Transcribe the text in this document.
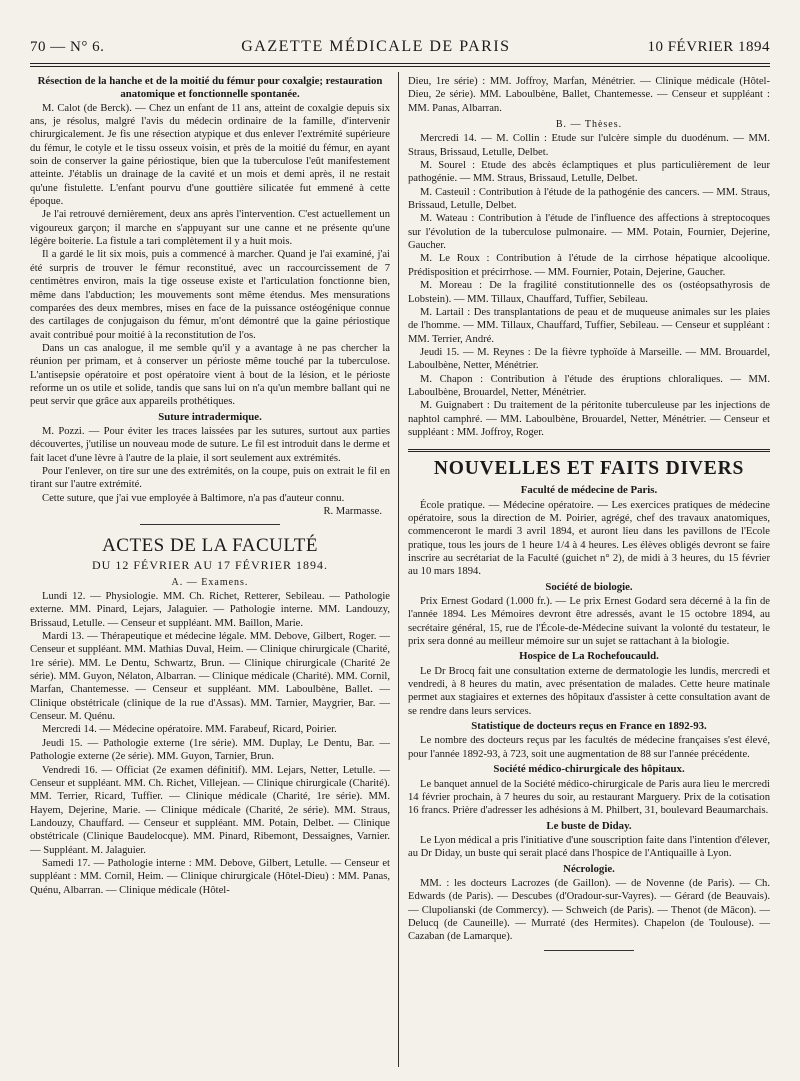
70 — N° 6.	GAZETTE MÉDICALE DE PARIS	10 FÉVRIER 1894

Résection de la hanche et de la moitié du fémur pour coxalgie; restauration anatomique et fonctionnelle spontanée.

M. Calot (de Berck). — Chez un enfant de 11 ans, atteint de coxalgie depuis six ans, je résolus, malgré l'avis du médecin ordinaire de la famille, d'intervenir chirurgicalement. Je fis une résection atypique et dus enlever l'extrémité supérieure du fémur, le cotyle et le tissu osseux voisin, et près de la moitié du fémur, en ayant soin de conserver la gaine périostique, bien que la tuberculose l'eût manifestement atteinte. J'établis un drainage de la cavité et un mois et demi après, il ne restait qu'une fistulette. L'enfant pourvu d'une gouttière silicatée fut emmené à cette époque.

Je l'ai retrouvé dernièrement, deux ans après l'intervention. C'est actuellement un vigoureux garçon; il marche en s'appuyant sur une canne et ne présente qu'une légère boiterie. La fistule a tari complètement il y a huit mois.

Il a gardé le lit six mois, puis a commencé à marcher. Quand je l'ai examiné, j'ai été surpris de trouver le fémur reconstitué, avec un raccourcissement de 7 centimètres environ, mais la tige osseuse existe et l'articulation fonctionne bien, même dans l'abduction; les mouvements sont même étendus. Mes mensurations comparées des deux membres, mises en face de la puissance ostéogénique connue des cartilages de conjugaison du fémur, m'ont démontré que la gaine périostique avait contribué pour moitié à la reconstitution de l'os.

Dans un cas analogue, il me semble qu'il y a avantage à ne pas chercher la réunion per primam, et à conserver un périoste même touché par la tuberculose. L'antisepsie opératoire et post opératoire vient à bout de la lésion, et le périoste reforme un os utile et solide, tandis que sans lui on n'a qu'un membre ballant qui ne peut servir que grâce aux appareils prothétiques.

Suture intradermique.

M. Pozzi. — Pour éviter les traces laissées par les sutures, surtout aux parties découvertes, j'utilise un nouveau mode de suture. Le fil est introduit dans le derme et fait lacet d'une lèvre à l'autre de la plaie, il sort seulement aux extrémités.

Pour l'enlever, on tire sur une des extrémités, on la coupe, puis on extrait le fil en tirant sur l'autre extrémité.

Cette suture, que j'ai vue employée à Baltimore, n'a pas d'auteur connu.

R. Marmasse.
ACTES DE LA FACULTÉ
DU 12 FÉVRIER AU 17 FÉVRIER 1894.
A. — Examens.

Lundi 12. — Physiologie. MM. Ch. Richet, Retterer, Sebileau. — Pathologie externe. MM. Pinard, Lejars, Jalaguier. — Pathologie interne. MM. Landouzy, Brissaud, Letulle. — Censeur et suppléant. MM. Baillon, Marie.

Mardi 13. — Thérapeutique et médecine légale. MM. Debove, Gilbert, Roger. — Censeur et suppléant. MM. Mathias Duval, Heim. — Clinique chirurgicale (Charité, 1re série). MM. Le Dentu, Schwartz, Brun. — Clinique chirurgicale (Charité 2e série). MM. Guyon, Nélaton, Albarran. — Clinique médicale (Charité). MM. Cornil, Marfan, Chantemesse. — Censeur et suppléant. MM. Laboulbène, Ballet. — Clinique obstétricale (clinique de la rue d'Assas). MM. Tarnier, Maygrier, Bar. — Censeur. M. Quénu.

Mercredi 14. — Médecine opératoire. MM. Farabeuf, Ricard, Poirier.

Jeudi 15. — Pathologie externe (1re série). MM. Duplay, Le Dentu, Bar. — Pathologie externe (2e série). MM. Guyon, Tarnier, Brun.

Vendredi 16. — Officiat (2e examen définitif). MM. Lejars, Netter, Letulle. — Censeur et suppléant. MM. Ch. Richet, Villejean. — Clinique chirurgicale (Charité). MM. Terrier, Ricard, Tuffier. — Clinique médicale (Charité, 1re série). MM. Hayem, Dejerine, Marie. — Clinique médicale (Charité, 2e série). MM. Straus, Landouzy, Chauffard. — Censeur et suppléant. MM. Potain, Delbet. — Clinique obstétricale (Clinique Baudelocque). MM. Pinard, Ribemont, Dessaignes, Varnier. — Suppléant. M. Jalaguier.

Samedi 17. — Pathologie interne : MM. Debove, Gilbert, Letulle. — Censeur et suppléant : MM. Cornil, Heim. — Clinique chirurgicale (Hôtel-Dieu) : MM. Panas, Quénu, Albarran. — Clinique médicale (Hôtel-

Dieu, 1re série) : MM. Joffroy, Marfan, Ménétrier. — Clinique médicale (Hôtel-Dieu, 2e série). MM. Laboulbène, Ballet, Chantemesse. — Censeur et suppléant : MM. Panas, Albarran.

B. — Thèses.

Mercredi 14. — M. Collin : Etude sur l'ulcère simple du duodénum. — MM. Straus, Brissaud, Letulle, Delbet.

M. Sourel : Etude des abcès éclamptiques et plus particulièrement de leur pathogénie. — MM. Straus, Brissaud, Letulle, Delbet.

M. Casteuil : Contribution à l'étude de la pathogénie des cancers. — MM. Straus, Brissaud, Letulle, Delbet.

M. Wateau : Contribution à l'étude de l'influence des affections à streptocoques sur l'évolution de la tuberculose pulmonaire. — MM. Potain, Fournier, Dejerine, Gaucher.

M. Le Roux : Contribution à l'étude de la cirrhose hépatique alcoolique. Prédisposition et précirrhose. — MM. Fournier, Potain, Dejerine, Gaucher.

M. Moreau : De la fragilité constitutionnelle des os (ostéopsathyrosis de Lobstein). — MM. Tillaux, Chauffard, Tuffier, Sebileau.

M. Lartail : Des transplantations de peau et de muqueuse animales sur les plaies de l'homme. — MM. Tillaux, Chauffard, Tuffier, Sebileau. — Censeur et suppléant : MM. Terrier, André.

Jeudi 15. — M. Reynes : De la fièvre typhoïde à Marseille. — MM. Brouardel, Laboulbène, Netter, Ménétrier.

M. Chapon : Contribution à l'étude des éruptions chloraliques. — MM. Laboulbène, Brouardel, Netter, Ménétrier.

M. Guignabert : Du traitement de la péritonite tuberculeuse par les injections de naphtol camphré. — MM. Laboulbène, Brouardel, Netter, Ménétrier. — Censeur et suppléant : MM. Joffroy, Roger.

NOUVELLES ET FAITS DIVERS
Faculté de médecine de Paris.

École pratique. — Médecine opératoire. — Les exercices pratiques de médecine opératoire, sous la direction de M. Poirier, agrégé, chef des travaux anatomiques, commenceront le mardi 3 avril 1894, et auront lieu dans les pavillons de l'Ecole pratique, tous les jours de 1 heure 1/4 à 4 heures. Les élèves obligés devront se faire inscrire au secrétariat de la Faculté (guichet n° 2), de midi à 3 heures, du 15 février au 10 mars 1894.

Société de biologie.

Prix Ernest Godard (1.000 fr.). — Le prix Ernest Godard sera décerné à la fin de l'année 1894. Les Mémoires devront être adressés, avant le 15 octobre 1894, au secrétaire général, 15, rue de l'École-de-Médecine suivant la volonté du testateur, le prix sera donné au meilleur mémoire sur un sujet se rattachant à la biologie.

Hospice de La Rochefoucauld.

Le Dr Brocq fait une consultation externe de dermatologie les lundis, mercredi et vendredi, à 8 heures du matin, avec présentation de malades. Cette heure matinale permet aux stagiaires et externes des hôpitaux d'assister à cette consultation avant de se rendre dans leurs services.

Statistique de docteurs reçus en France en 1892-93.

Le nombre des docteurs reçus par les facultés de médecine françaises s'est élevé, pour l'année 1892-93, à 723, soit une augmentation de 88 sur l'année précédente.

Société médico-chirurgicale des hôpitaux.

Le banquet annuel de la Société médico-chirurgicale de Paris aura lieu le mercredi 14 février prochain, à 7 heures du soir, au restaurant Marguery. Prix de la cotisation 16 francs. Prière d'adresser les adhésions à M. Philbert, 31, boulevard Beaumarchais.

Le buste de Diday.

Le Lyon médical a pris l'initiative d'une souscription faite dans l'intention d'élever, au Dr Diday, un buste qui serait placé dans l'hospice de l'Antiquaille à Lyon.

Nécrologie.

MM. : les docteurs Lacrozes (de Gaillon). — de Novenne (de Paris). — Ch. Edwards (de Paris). — Descubes (d'Oradour-sur-Vayres). — Gérard (de Beauvais). — Clupolianski (de Commercy). — Schweich (de Paris). — Thenot (de Mâcon). — Delucq (de Cauneille). — Murraté (des Hermites). Chapelon (de Toulouse). — Cazaban (de Lamarque).
